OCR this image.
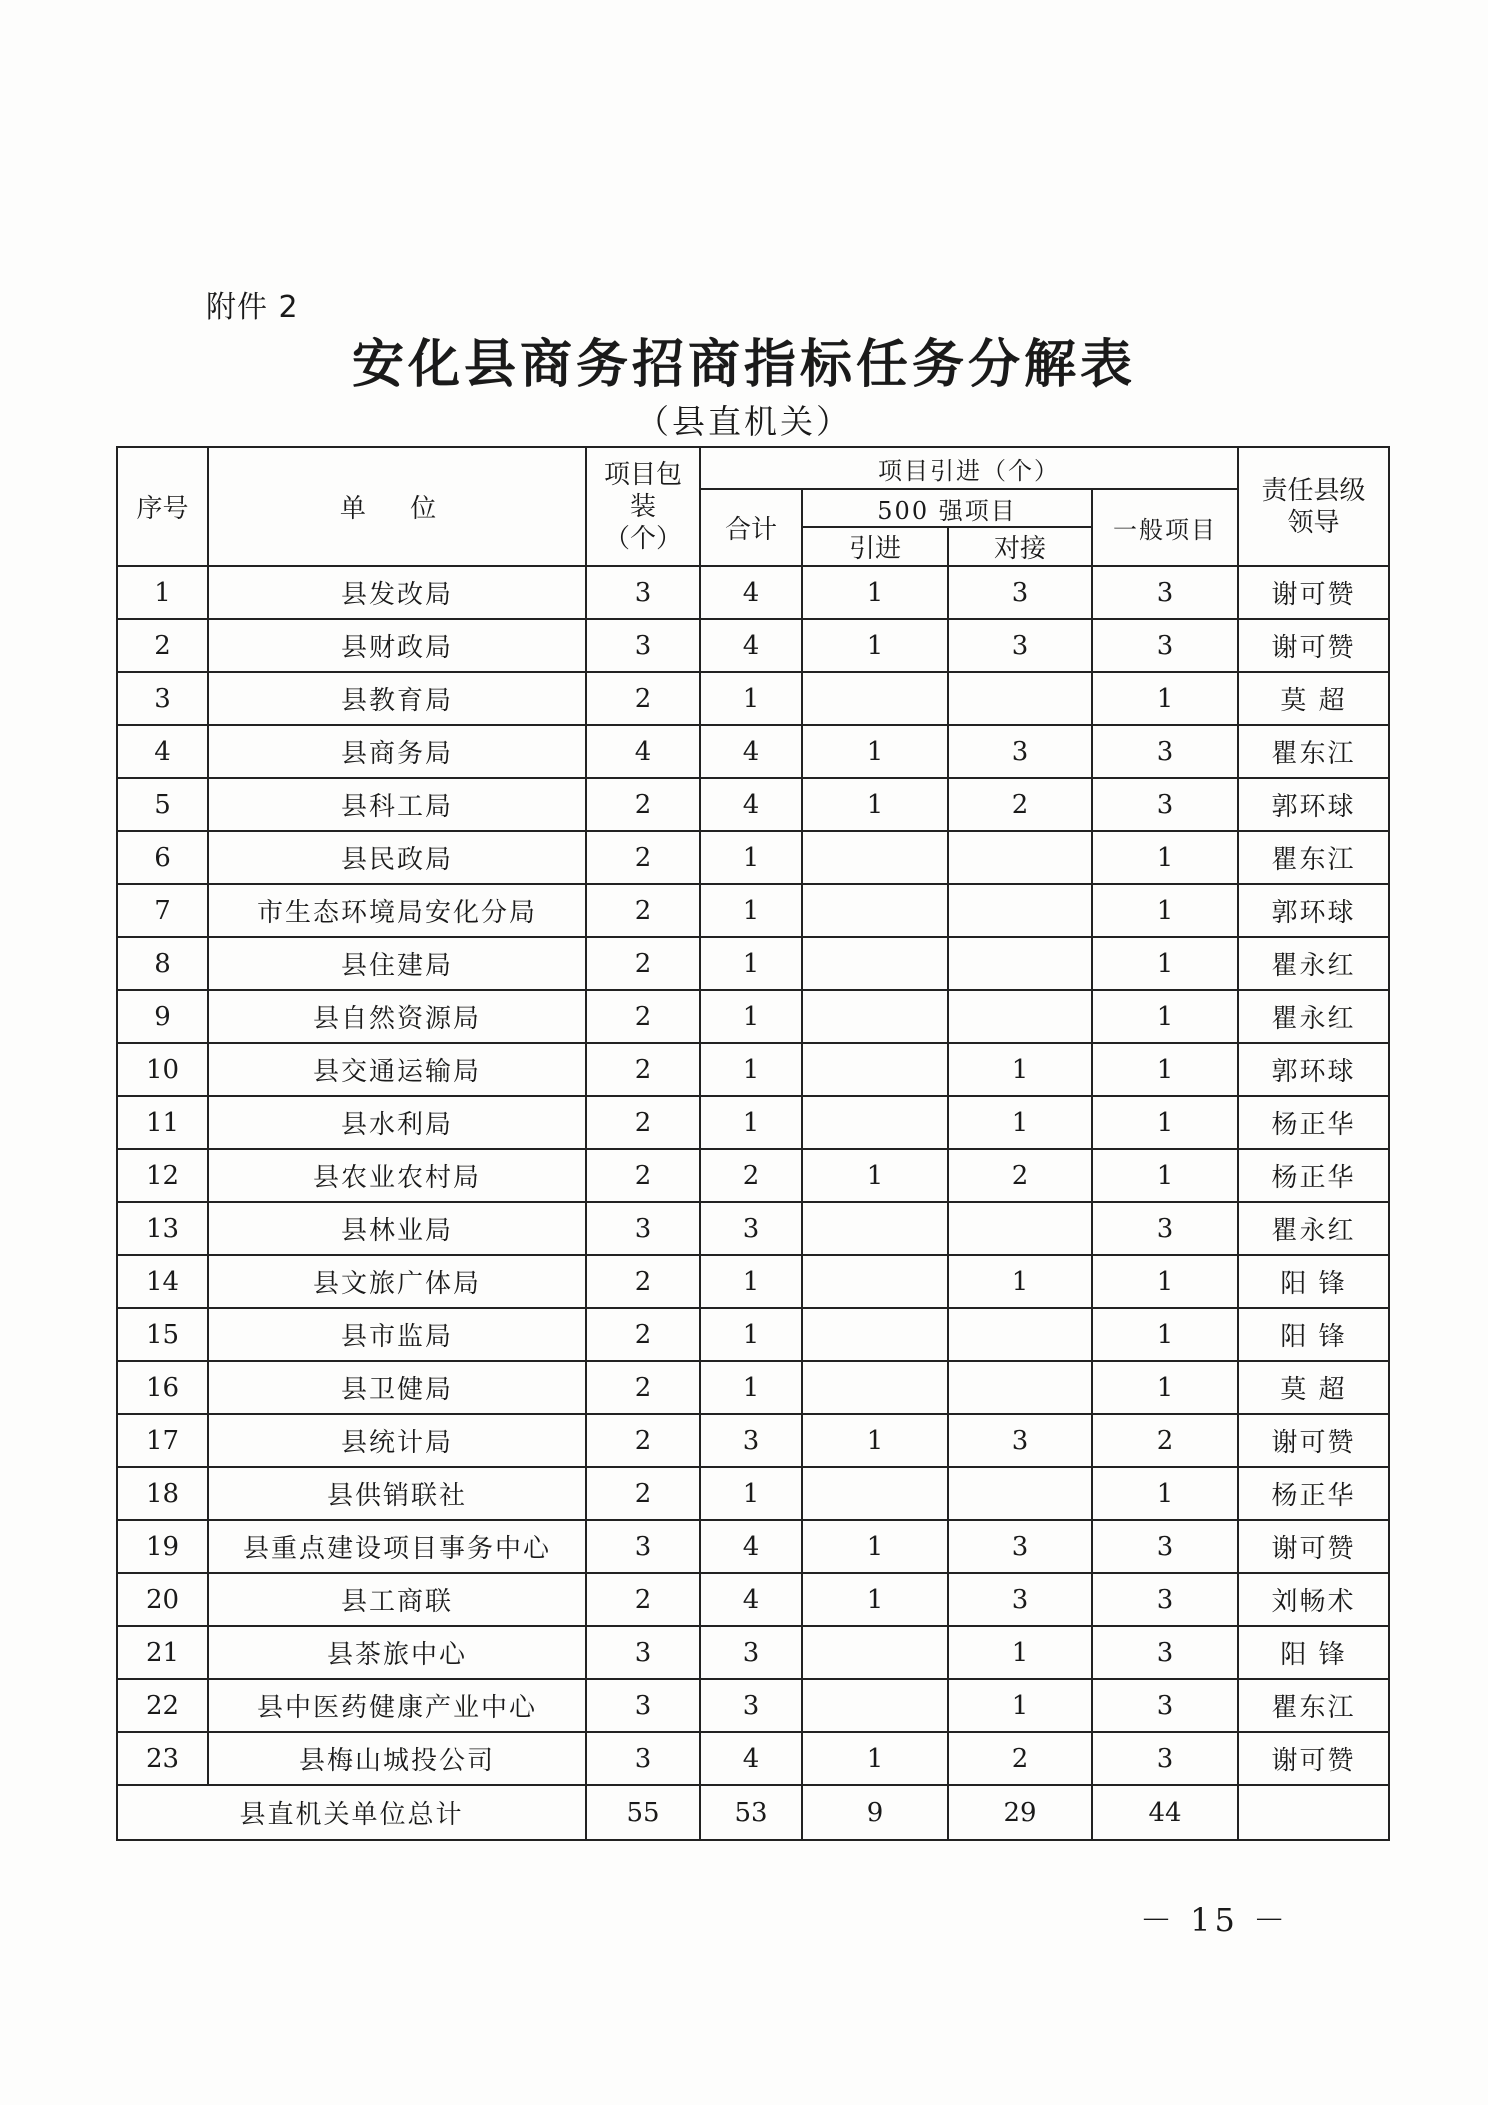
附件 2
安化县商务招商指标任务分解表
（县直机关）
序号	单 位	项目包装（个）	项目引进（个）				责任县级领导
			合计	500 强项目		一般项目	
				引进	对接		
1	县发改局	3	4	1	3	3	谢可赞
2	县财政局	3	4	1	3	3	谢可赞
3	县教育局	2	1			1	莫 超
4	县商务局	4	4	1	3	3	瞿东江
5	县科工局	2	4	1	2	3	郭环球
6	县民政局	2	1			1	瞿东江
7	市生态环境局安化分局	2	1			1	郭环球
8	县住建局	2	1			1	瞿永红
9	县自然资源局	2	1			1	瞿永红
10	县交通运输局	2	1		1	1	郭环球
11	县水利局	2	1		1	1	杨正华
12	县农业农村局	2	2	1	2	1	杨正华
13	县林业局	3	3			3	瞿永红
14	县文旅广体局	2	1		1	1	阳 锋
15	县市监局	2	1			1	阳 锋
16	县卫健局	2	1			1	莫 超
17	县统计局	2	3	1	3	2	谢可赞
18	县供销联社	2	1			1	杨正华
19	县重点建设项目事务中心	3	4	1	3	3	谢可赞
20	县工商联	2	4	1	3	3	刘畅术
21	县茶旅中心	3	3		1	3	阳 锋
22	县中医药健康产业中心	3	3		1	3	瞿东江
23	县梅山城投公司	3	4	1	2	3	谢可赞
县直机关单位总计		55	53	9	29	44	
－ 15 －
